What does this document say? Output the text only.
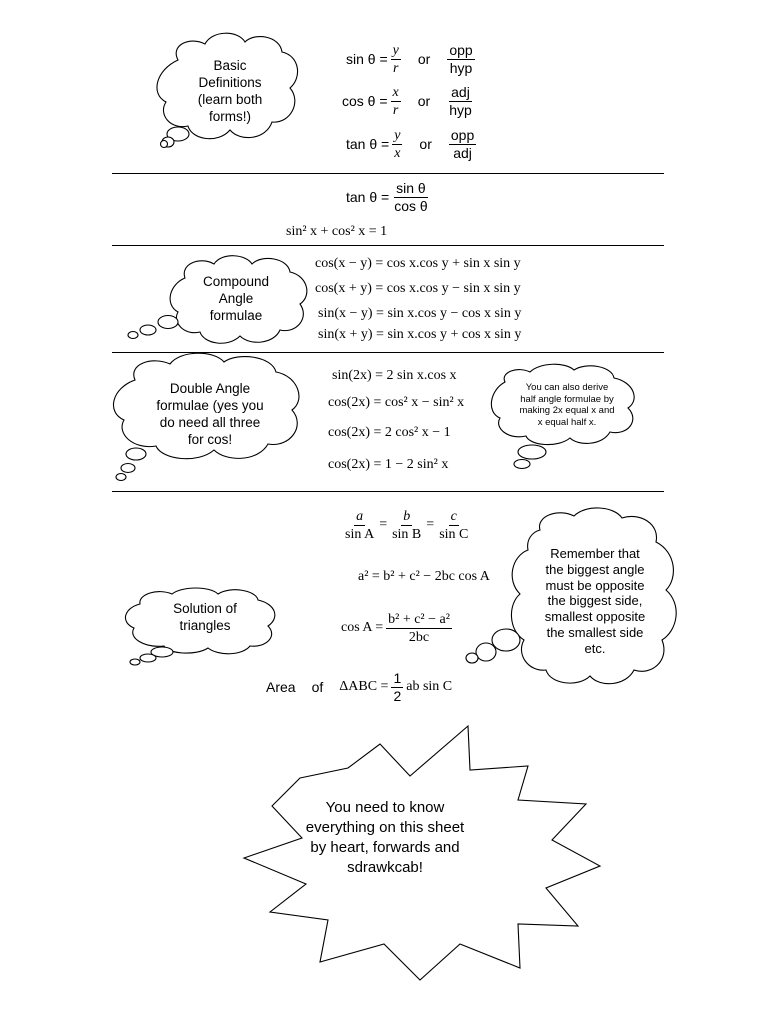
Basic
Definitions
(learn both
forms!)
Compound
Angle
formulae
Double Angle
formulae (yes you
do need all three
for cos!
You can also derive
half angle formulae by
making 2x equal x and
x equal half x.
Remember that
the biggest angle
must be opposite
the biggest side,
smallest opposite
the smallest side
etc.
Solution of
triangles
You need to know
everything on this sheet
by heart, forwards and
sdrawkcab!
$\sin \theta = \frac{y}{r}$ or $\frac{\text{opp}}{\text{hyp}}$
$\cos \theta = \frac{x}{r}$ or $\frac{\text{adj}}{\text{hyp}}$
$\tan \theta = \frac{y}{x}$ or $\frac{\text{opp}}{\text{adj}}$
$\tan \theta = \frac{\text{sin θ}}{\text{cos θ}}$
sin² x + cos² x = 1
cos(x − y) = cos x.cos y + sin x sin y
cos(x + y) = cos x.cos y − sin x sin y
sin(x − y) = sin x.cos y − cos x sin y
sin(x + y) = sin x.cos y + cos x sin y
sin(2x) = 2 sin x.cos x
cos(2x) = cos² x − sin² x
cos(2x) = 2 cos² x − 1
cos(2x) = 1 − 2 sin² x
$\frac{a}{\text{sin A}} = \frac{b}{\text{sin B}} = \frac{c}{\text{sin C}}$
a² = b² + c² − 2bc cos A
$\cos A = \frac{\text{b² + c² − a²}}{2bc}$
Area of $\Delta ABC = \frac{1}{2}$ ab sin C
